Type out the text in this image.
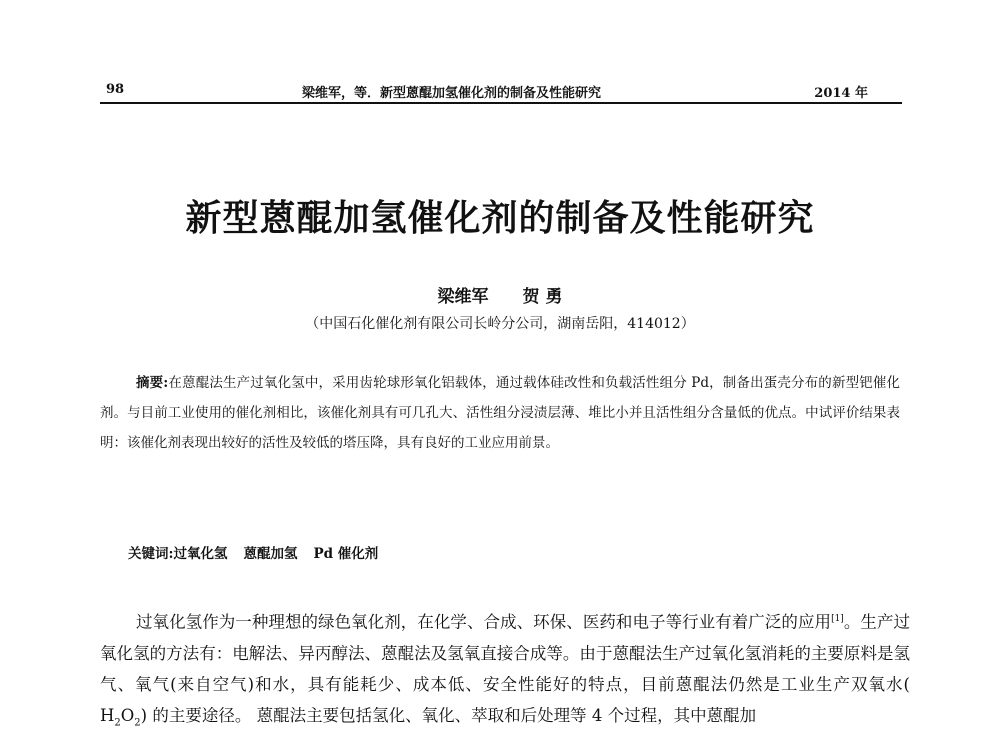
98	梁维军，等．新型蒽醌加氢催化剂的制备及性能研究	2014 年
新型蒽醌加氢催化剂的制备及性能研究
梁维军　　贺 勇
（中国石化催化剂有限公司长岭分公司，湖南岳阳，414012）
摘要:在蒽醌法生产过氧化氢中，采用齿轮球形氧化铝载体，通过载体硅改性和负载活性组分 Pd，制备出蛋壳分布的新型钯催化剂。与目前工业使用的催化剂相比，该催化剂具有可几孔大、活性组分浸渍层薄、堆比小并且活性组分含量低的优点。中试评价结果表明：该催化剂表现出较好的活性及较低的塔压降，具有良好的工业应用前景。
关键词:过氧化氢 蒽醌加氢 Pd 催化剂
过氧化氢作为一种理想的绿色氧化剂，在化学、合成、环保、医药和电子等行业有着广泛的应用[1]。生产过氧化氢的方法有：电解法、异丙醇法、蒽醌法及氢氧直接合成等。由于蒽醌法生产过氧化氢消耗的主要原料是氢气、氧气(来自空气)和水，具有能耗少、成本低、安全性能好的特点，目前蒽醌法仍然是工业生产双氧水( $H_2O_2$) 的主要途径。 蒽醌法主要包括氢化、氧化、萃取和后处理等 4 个过程，其中蒽醌加
